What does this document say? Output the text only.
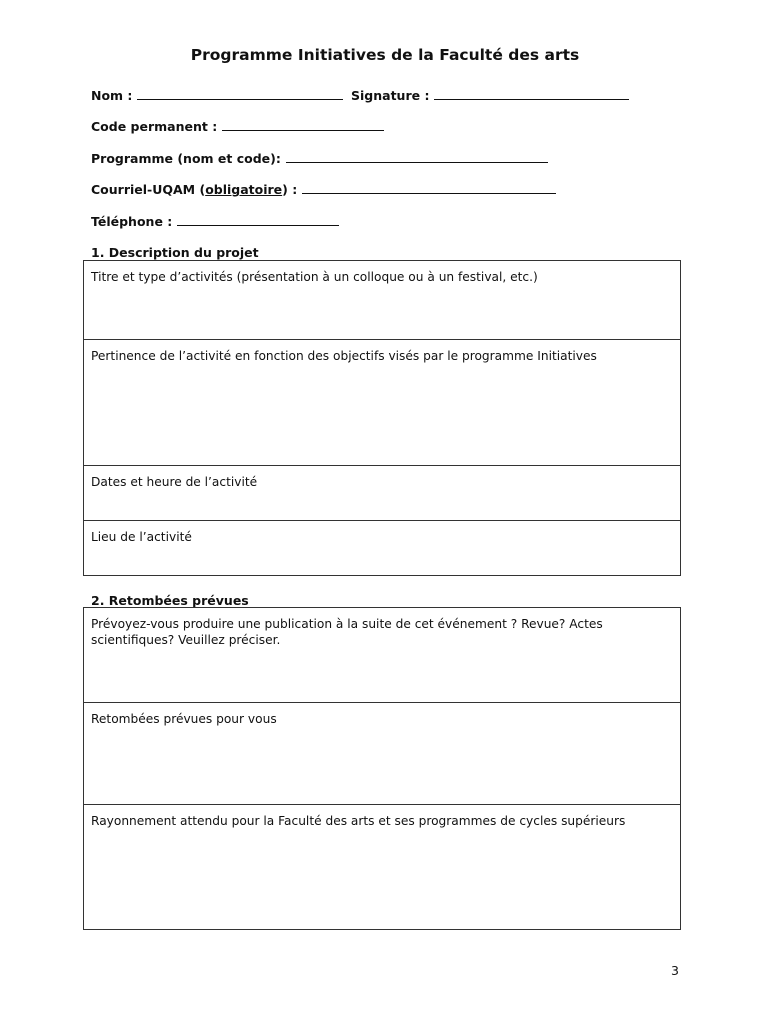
Programme Initiatives de la Faculté des arts
Nom :	Signature :
Code permanent :
Programme (nom et code):
Courriel-UQAM (obligatoire) :
Téléphone :
1. Description du projet
Titre et type d’activités (présentation à un colloque ou à un festival, etc.)
Pertinence de l’activité en fonction des objectifs visés par le programme Initiatives
Dates et heure de l’activité
Lieu de l’activité
2. Retombées prévues
Prévoyez-vous produire une publication à la suite de cet événement ? Revue? Actes scientifiques? Veuillez préciser.
Retombées prévues pour vous
Rayonnement attendu pour la Faculté des arts et ses programmes de cycles supérieurs
3
